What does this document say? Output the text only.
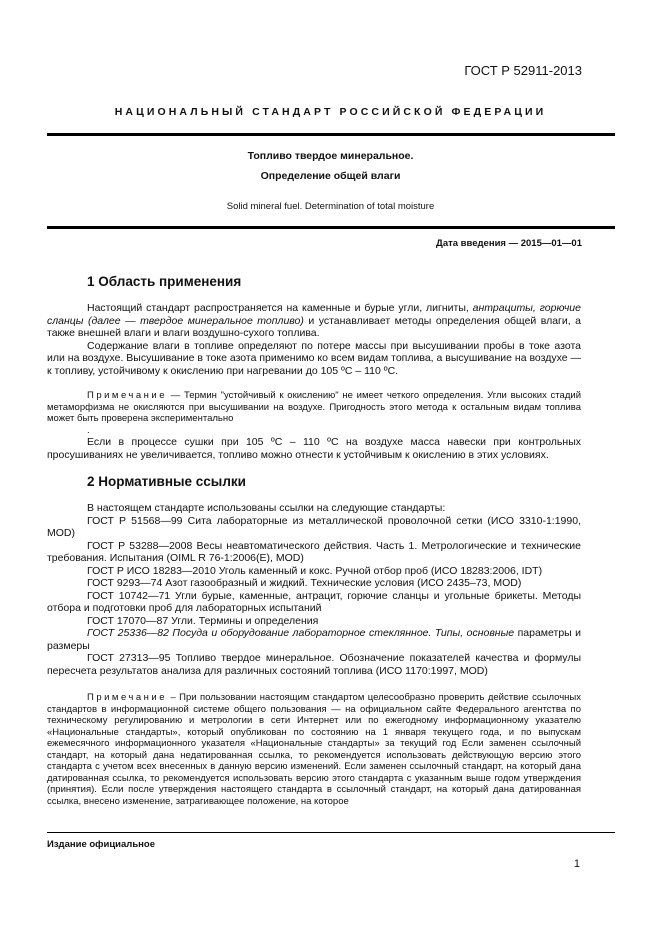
ГОСТ Р 52911-2013
НАЦИОНАЛЬНЫЙ СТАНДАРТ РОССИЙСКОЙ ФЕДЕРАЦИИ
Топливо твердое минеральное.
Определение общей влаги
Solid mineral fuel. Determination of total moisture
Дата введения — 2015—01—01
1 Область применения

Настоящий стандарт распространяется на каменные и бурые угли, лигниты, антрациты, горючие сланцы (далее — твердое минеральное топливо) и устанавливает методы определения общей влаги, а также внешней влаги и влаги воздушно-сухого топлива.

Содержание влаги в топливе определяют по потере массы при высушивании пробы в токе азота или на воздухе. Высушивание в токе азота применимо ко всем видам топлива, а высушивание на воздухе — к топливу, устойчивому к окислению при нагревании до 105 ºС – 110 ºС.

Примечание — Термин "устойчивый к окислению" не имеет четкого определения. Угли высоких стадий метаморфизма не окисляются при высушивании на воздухе. Пригодность этого метода к остальным видам топлива может быть проверена экспериментально

.

Если в процессе сушки при 105 ºС – 110 ºС на воздухе масса навески при контрольных просушиваниях не увеличивается, топливо можно отнести к устойчивым к окислению в этих условиях.

2 Нормативные ссылки

В настоящем стандарте использованы ссылки на следующие стандарты:

ГОСТ Р 51568—99 Сита лабораторные из металлической проволочной сетки (ИСО 3310-1:1990, MOD)

ГОСТ Р 53288—2008 Весы неавтоматического действия. Часть 1. Метрологические и технические требования. Испытания (OIML R 76-1:2006(Е), MOD)

ГОСТ Р ИСО 18283—2010 Уголь каменный и кокс. Ручной отбор проб (ИСО 18283:2006, IDT)

ГОСТ 9293—74 Азот газообразный и жидкий. Технические условия (ИСО 2435–73, MOD)

ГОСТ 10742—71 Угли бурые, каменные, антрацит, горючие сланцы и угольные брикеты. Методы отбора и подготовки проб для лабораторных испытаний

ГОСТ 17070—87 Угли. Термины и определения

ГОСТ 25336—82 Посуда и оборудование лабораторное стеклянное. Типы, основные параметры и размеры

ГОСТ 27313—95 Топливо твердое минеральное. Обозначение показателей качества и формулы пересчета результатов анализа для различных состояний топлива (ИСО 1170:1997, MOD)

Примечание – При пользовании настоящим стандартом целесообразно проверить действие ссылочных стандартов в информационной системе общего пользования — на официальном сайте Федерального агентства по техническому регулированию и метрологии в сети Интернет или по ежегодному информационному указателю «Национальные стандарты», который опубликован по состоянию на 1 января текущего года, и по выпускам ежемесячного информационного указателя «Национальные стандарты» за текущий год Если заменен ссылочный стандарт, на который дана недатированная ссылка, то рекомендуется использовать действующую версию этого стандарта с учетом всех внесенных в данную версию изменений. Если заменен ссылочный стандарт, на который дана датированная ссылка, то рекомендуется использовать версию этого стандарта с указанным выше годом утверждения (принятия). Если после утверждения настоящего стандарта в ссылочный стандарт, на который дана датированная ссылка, внесено изменение, затрагивающее положение, на которое

Издание официальное
1
